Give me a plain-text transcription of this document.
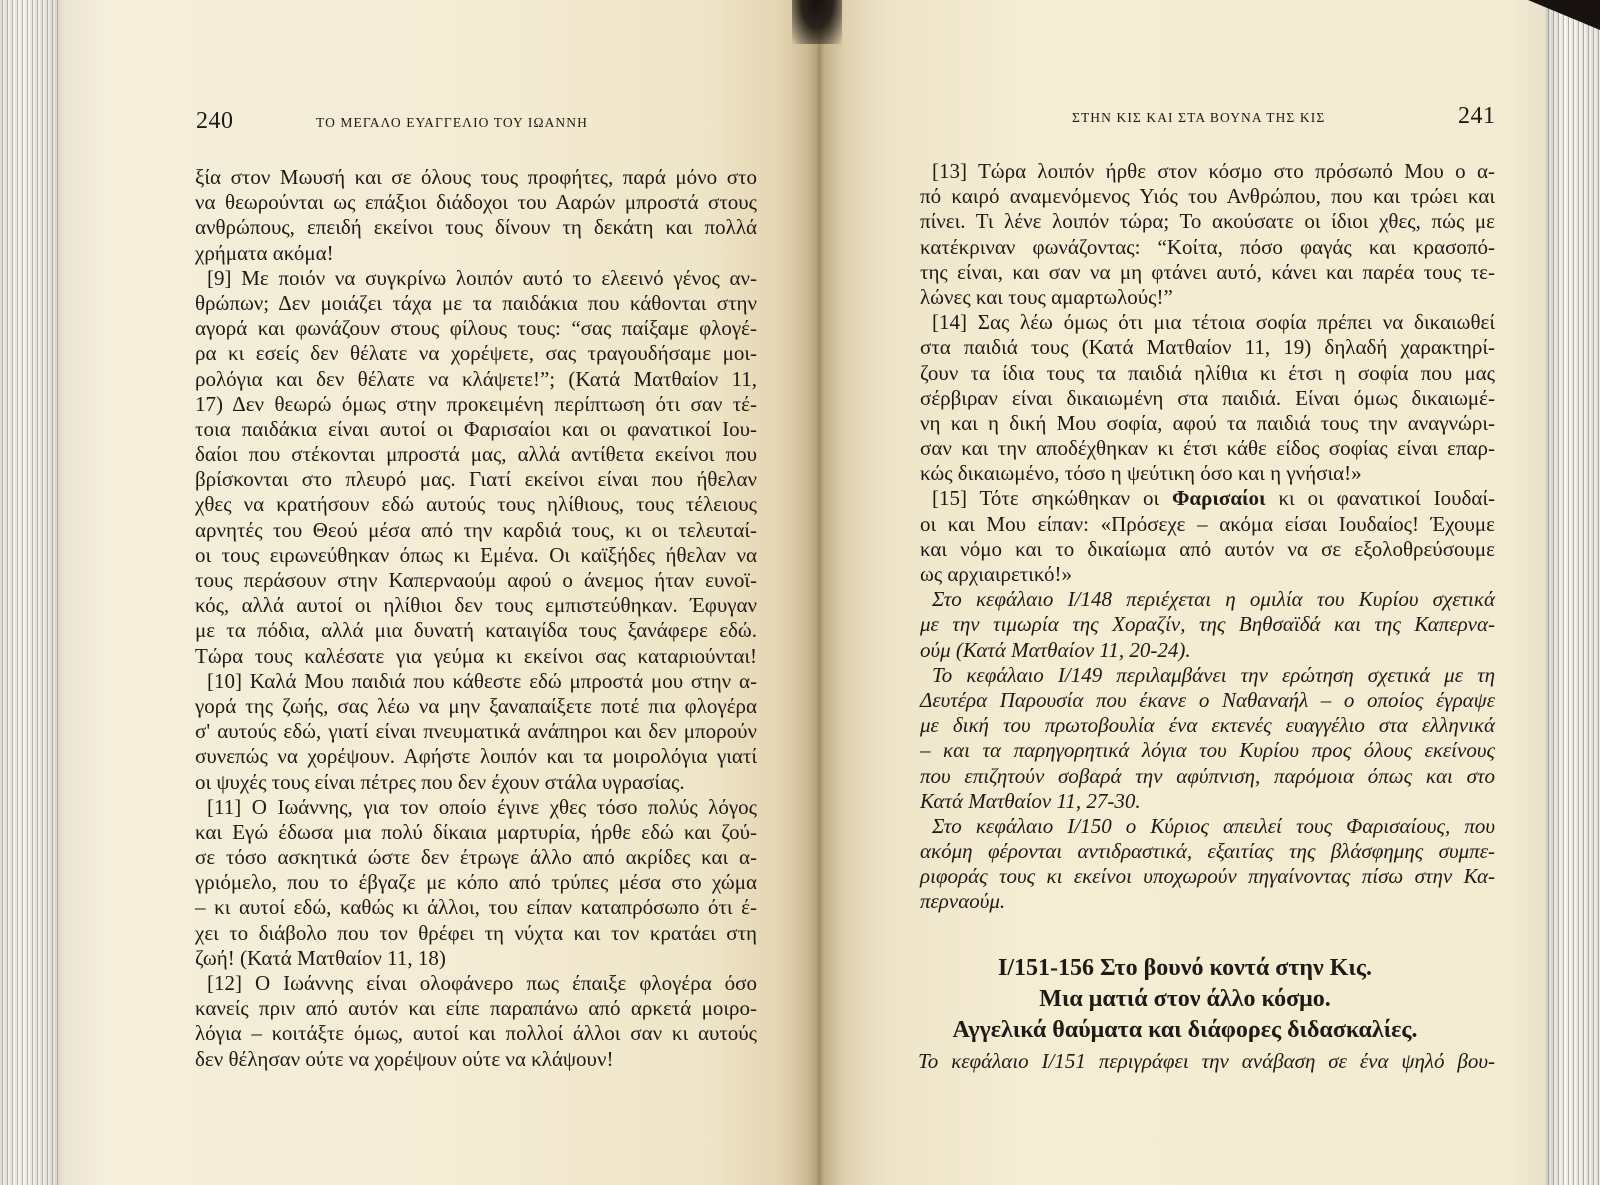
240	ΤΟ ΜΕΓΑΛΟ ΕΥΑΓΓΕΛΙΟ ΤΟΥ ΙΩΑΝΝΗ
ξία στον Μωυσή και σε όλους τους προφήτες, παρά μόνο στο
να θεωρούνται ως επάξιοι διάδοχοι του Ααρών μπροστά στους
ανθρώπους, επειδή εκείνοι τους δίνουν τη δεκάτη και πολλά
χρήματα ακόμα!
[9] Με ποιόν να συγκρίνω λοιπόν αυτό το ελεεινό γένος αν-
θρώπων; Δεν μοιάζει τάχα με τα παιδάκια που κάθονται στην
αγορά και φωνάζουν στους φίλους τους: “σας παίξαμε φλογέ-
ρα κι εσείς δεν θέλατε να χορέψετε, σας τραγουδήσαμε μοι-
ρολόγια και δεν θέλατε να κλάψετε!”; (Κατά Ματθαίον 11,
17) Δεν θεωρώ όμως στην προκειμένη περίπτωση ότι σαν τέ-
τοια παιδάκια είναι αυτοί οι Φαρισαίοι και οι φανατικοί Ιου-
δαίοι που στέκονται μπροστά μας, αλλά αντίθετα εκείνοι που
βρίσκονται στο πλευρό μας. Γιατί εκείνοι είναι που ήθελαν
χθες να κρατήσουν εδώ αυτούς τους ηλίθιους, τους τέλειους
αρνητές του Θεού μέσα από την καρδιά τους, κι οι τελευταί-
οι τους ειρωνεύθηκαν όπως κι Εμένα. Οι καϊξήδες ήθελαν να
τους περάσουν στην Καπερναούμ αφού ο άνεμος ήταν ευνοϊ-
κός, αλλά αυτοί οι ηλίθιοι δεν τους εμπιστεύθηκαν. Έφυγαν
με τα πόδια, αλλά μια δυνατή καταιγίδα τους ξανάφερε εδώ.
Τώρα τους καλέσατε για γεύμα κι εκείνοι σας καταριούνται!
[10] Καλά Μου παιδιά που κάθεστε εδώ μπροστά μου στην α-
γορά της ζωής, σας λέω να μην ξαναπαίξετε ποτέ πια φλογέρα
σ' αυτούς εδώ, γιατί είναι πνευματικά ανάπηροι και δεν μπορούν
συνεπώς να χορέψουν. Αφήστε λοιπόν και τα μοιρολόγια γιατί
οι ψυχές τους είναι πέτρες που δεν έχουν στάλα υγρασίας.
[11] Ο Ιωάννης, για τον οποίο έγινε χθες τόσο πολύς λόγος
και Εγώ έδωσα μια πολύ δίκαια μαρτυρία, ήρθε εδώ και ζού-
σε τόσο ασκητικά ώστε δεν έτρωγε άλλο από ακρίδες και α-
γριόμελο, που το έβγαζε με κόπο από τρύπες μέσα στο χώμα
– κι αυτοί εδώ, καθώς κι άλλοι, του είπαν καταπρόσωπο ότι έ-
χει το διάβολο που τον θρέφει τη νύχτα και τον κρατάει στη
ζωή! (Κατά Ματθαίον 11, 18)
[12] Ο Ιωάννης είναι ολοφάνερο πως έπαιξε φλογέρα όσο
κανείς πριν από αυτόν και είπε παραπάνω από αρκετά μοιρο-
λόγια – κοιτάξτε όμως, αυτοί και πολλοί άλλοι σαν κι αυτούς
δεν θέλησαν ούτε να χορέψουν ούτε να κλάψουν!
ΣΤΗΝ ΚΙΣ ΚΑΙ ΣΤΑ ΒΟΥΝΑ ΤΗΣ ΚΙΣ	241
[13] Τώρα λοιπόν ήρθε στον κόσμο στο πρόσωπό Μου ο α-
πό καιρό αναμενόμενος Υιός του Ανθρώπου, που και τρώει και
πίνει. Τι λένε λοιπόν τώρα; Το ακούσατε οι ίδιοι χθες, πώς με
κατέκριναν φωνάζοντας: “Κοίτα, πόσο φαγάς και κρασοπό-
της είναι, και σαν να μη φτάνει αυτό, κάνει και παρέα τους τε-
λώνες και τους αμαρτωλούς!”
[14] Σας λέω όμως ότι μια τέτοια σοφία πρέπει να δικαιωθεί
στα παιδιά τους (Κατά Ματθαίον 11, 19) δηλαδή χαρακτηρί-
ζουν τα ίδια τους τα παιδιά ηλίθια κι έτσι η σοφία που μας
σέρβιραν είναι δικαιωμένη στα παιδιά. Είναι όμως δικαιωμέ-
νη και η δική Μου σοφία, αφού τα παιδιά τους την αναγνώρι-
σαν και την αποδέχθηκαν κι έτσι κάθε είδος σοφίας είναι επαρ-
κώς δικαιωμένο, τόσο η ψεύτικη όσο και η γνήσια!»
[15] Τότε σηκώθηκαν οι Φαρισαίοι κι οι φανατικοί Ιουδαί-
οι και Μου είπαν: «Πρόσεχε – ακόμα είσαι Ιουδαίος! Έχουμε
και νόμο και το δικαίωμα από αυτόν να σε εξολοθρεύσουμε
ως αρχιαιρετικό!»
Στο κεφάλαιο I/148 περιέχεται η ομιλία του Κυρίου σχετικά
με την τιμωρία της Χοραζίν, της Βηθσαϊδά και της Καπερνα-
ούμ (Κατά Ματθαίον 11, 20-24).
Το κεφάλαιο I/149 περιλαμβάνει την ερώτηση σχετικά με τη
Δευτέρα Παρουσία που έκανε ο Ναθαναήλ – ο οποίος έγραψε
με δική του πρωτοβουλία ένα εκτενές ευαγγέλιο στα ελληνικά
– και τα παρηγορητικά λόγια του Κυρίου προς όλους εκείνους
που επιζητούν σοβαρά την αφύπνιση, παρόμοια όπως και στο
Κατά Ματθαίον 11, 27-30.
Στο κεφάλαιο I/150 ο Κύριος απειλεί τους Φαρισαίους, που
ακόμη φέρονται αντιδραστικά, εξαιτίας της βλάσφημης συμπε-
ριφοράς τους κι εκείνοι υποχωρούν πηγαίνοντας πίσω στην Κα-
περναούμ.
I/151-156 Στο βουνό κοντά στην Κις.
Μια ματιά στον άλλο κόσμο.
Αγγελικά θαύματα και διάφορες διδασκαλίες.
Το κεφάλαιο I/151 περιγράφει την ανάβαση σε ένα ψηλό βου-
